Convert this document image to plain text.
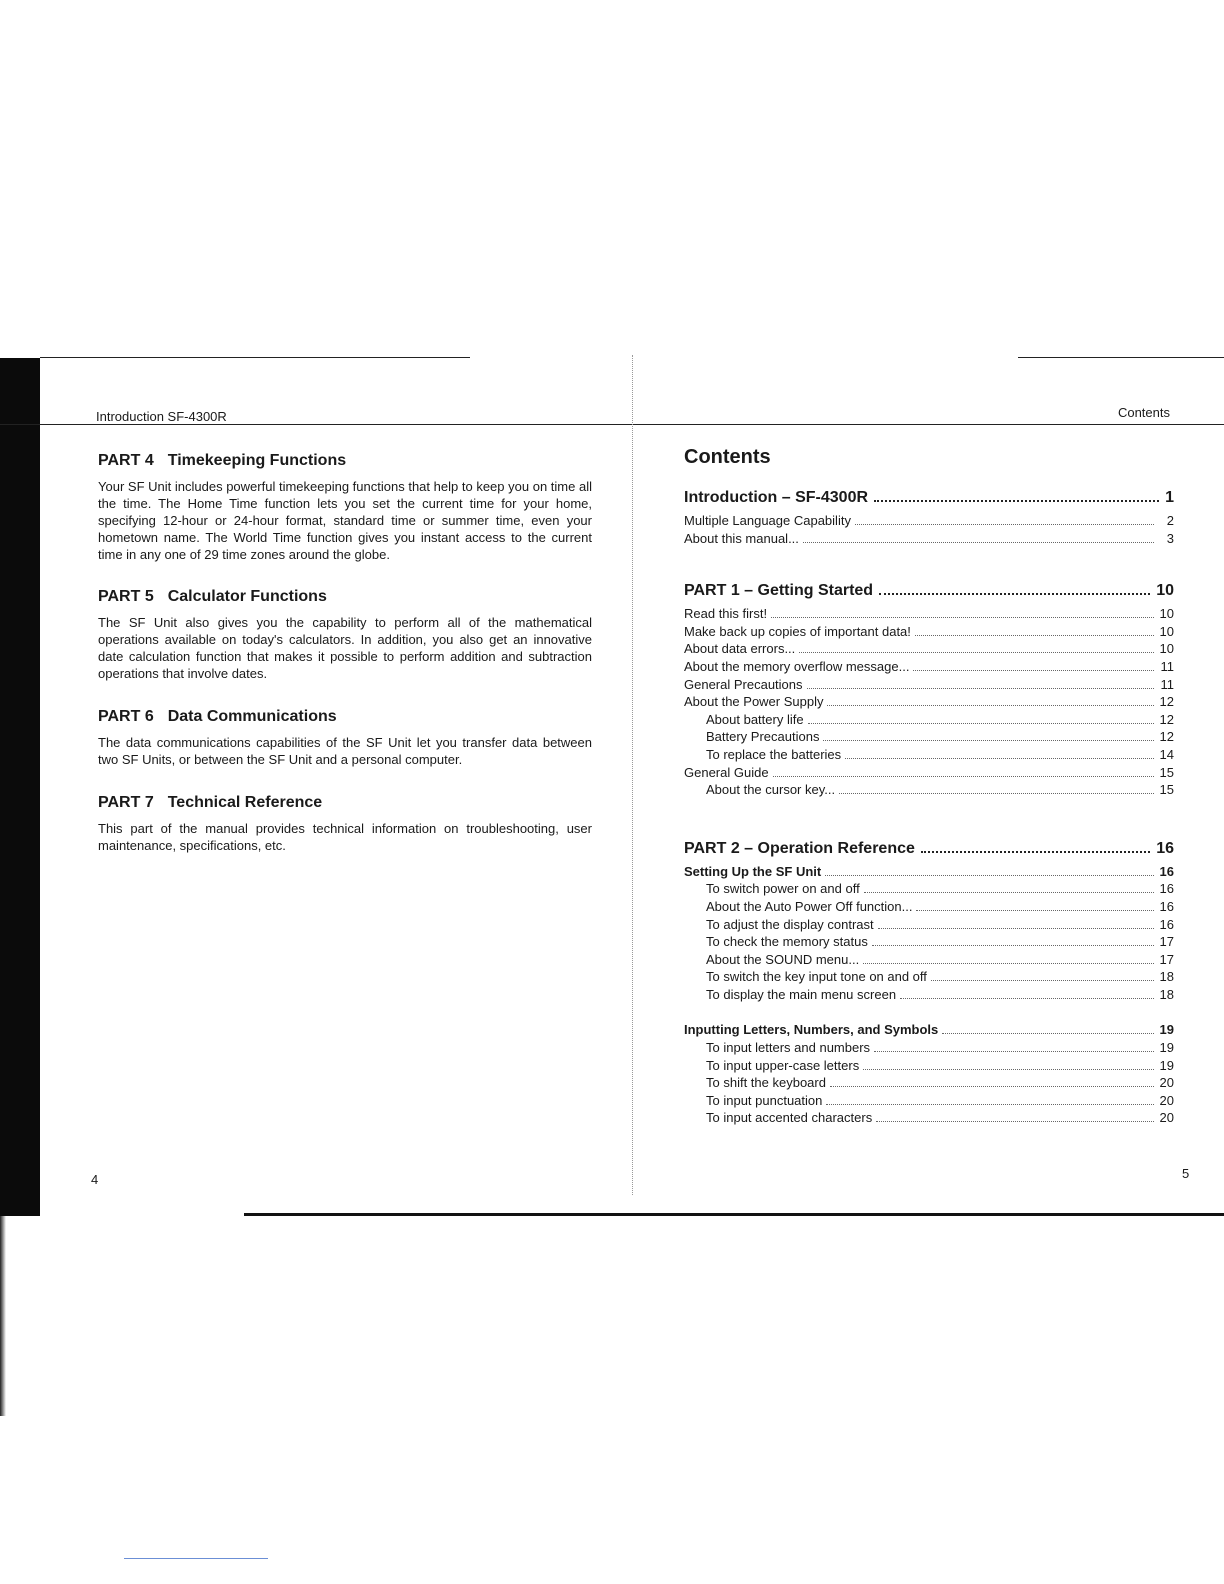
Introduction SF-4300R
PART 4 Timekeeping Functions

Your SF Unit includes powerful timekeeping functions that help to keep you on time all the time. The Home Time function lets you set the current time for your home, specifying 12-hour or 24-hour format, standard time or summer time, even your hometown name. The World Time function gives you instant access to the current time in any one of 29 time zones around the globe.

PART 5 Calculator Functions

The SF Unit also gives you the capability to perform all of the mathematical operations available on today's calculators. In addition, you also get an innovative date calculation function that makes it possible to perform addition and subtraction operations that involve dates.

PART 6 Data Communications

The data communications capabilities of the SF Unit let you transfer data between two SF Units, or between the SF Unit and a personal computer.

PART 7 Technical Reference

This part of the manual provides technical information on troubleshooting, user maintenance, specifications, etc.

4
Contents
Contents
Introduction – SF-4300R	1
Multiple Language Capability	2
About this manual...	3
PART 1 – Getting Started	10
Read this first!	10
Make back up copies of important data!	10
About data errors...	10
About the memory overflow message...	11
General Precautions	11
About the Power Supply	12
About battery life	12
Battery Precautions	12
To replace the batteries	14
General Guide	15
About the cursor key...	15
PART 2 – Operation Reference	16
Setting Up the SF Unit	16
To switch power on and off	16
About the Auto Power Off function...	16
To adjust the display contrast	16
To check the memory status	17
About the SOUND menu...	17
To switch the key input tone on and off	18
To display the main menu screen	18
Inputting Letters, Numbers, and Symbols	19
To input letters and numbers	19
To input upper-case letters	19
To shift the keyboard	20
To input punctuation	20
To input accented characters	20
5
